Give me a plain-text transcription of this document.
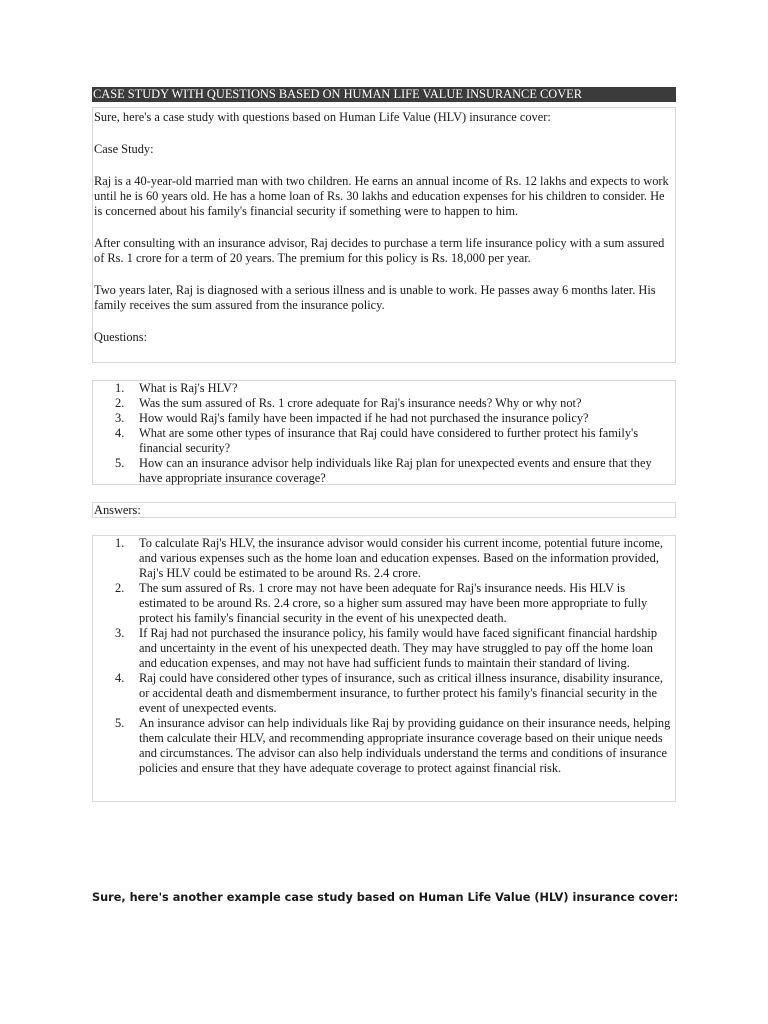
CASE STUDY WITH QUESTIONS BASED ON HUMAN LIFE VALUE INSURANCE COVER

Sure, here's a case study with questions based on Human Life Value (HLV) insurance cover:

Case Study:

Raj is a 40-year-old married man with two children. He earns an annual income of Rs. 12 lakhs and expects to work until he is 60 years old. He has a home loan of Rs. 30 lakhs and education expenses for his children to consider. He is concerned about his family's financial security if something were to happen to him.

After consulting with an insurance advisor, Raj decides to purchase a term life insurance policy with a sum assured of Rs. 1 crore for a term of 20 years. The premium for this policy is Rs. 18,000 per year.

Two years later, Raj is diagnosed with a serious illness and is unable to work. He passes away 6 months later. His family receives the sum assured from the insurance policy.

Questions:

1. What is Raj's HLV?
2. Was the sum assured of Rs. 1 crore adequate for Raj's insurance needs? Why or why not?
3. How would Raj's family have been impacted if he had not purchased the insurance policy?
4. What are some other types of insurance that Raj could have considered to further protect his family's financial security?
5. How can an insurance advisor help individuals like Raj plan for unexpected events and ensure that they have appropriate insurance coverage?

Answers:

1. To calculate Raj's HLV, the insurance advisor would consider his current income, potential future income, and various expenses such as the home loan and education expenses. Based on the information provided, Raj's HLV could be estimated to be around Rs. 2.4 crore.
2. The sum assured of Rs. 1 crore may not have been adequate for Raj's insurance needs. His HLV is estimated to be around Rs. 2.4 crore, so a higher sum assured may have been more appropriate to fully protect his family's financial security in the event of his unexpected death.
3. If Raj had not purchased the insurance policy, his family would have faced significant financial hardship and uncertainty in the event of his unexpected death. They may have struggled to pay off the home loan and education expenses, and may not have had sufficient funds to maintain their standard of living.
4. Raj could have considered other types of insurance, such as critical illness insurance, disability insurance, or accidental death and dismemberment insurance, to further protect his family's financial security in the event of unexpected events.
5. An insurance advisor can help individuals like Raj by providing guidance on their insurance needs, helping them calculate their HLV, and recommending appropriate insurance coverage based on their unique needs and circumstances. The advisor can also help individuals understand the terms and conditions of insurance policies and ensure that they have adequate coverage to protect against financial risk.
Sure, here's another example case study based on Human Life Value (HLV) insurance cover:
